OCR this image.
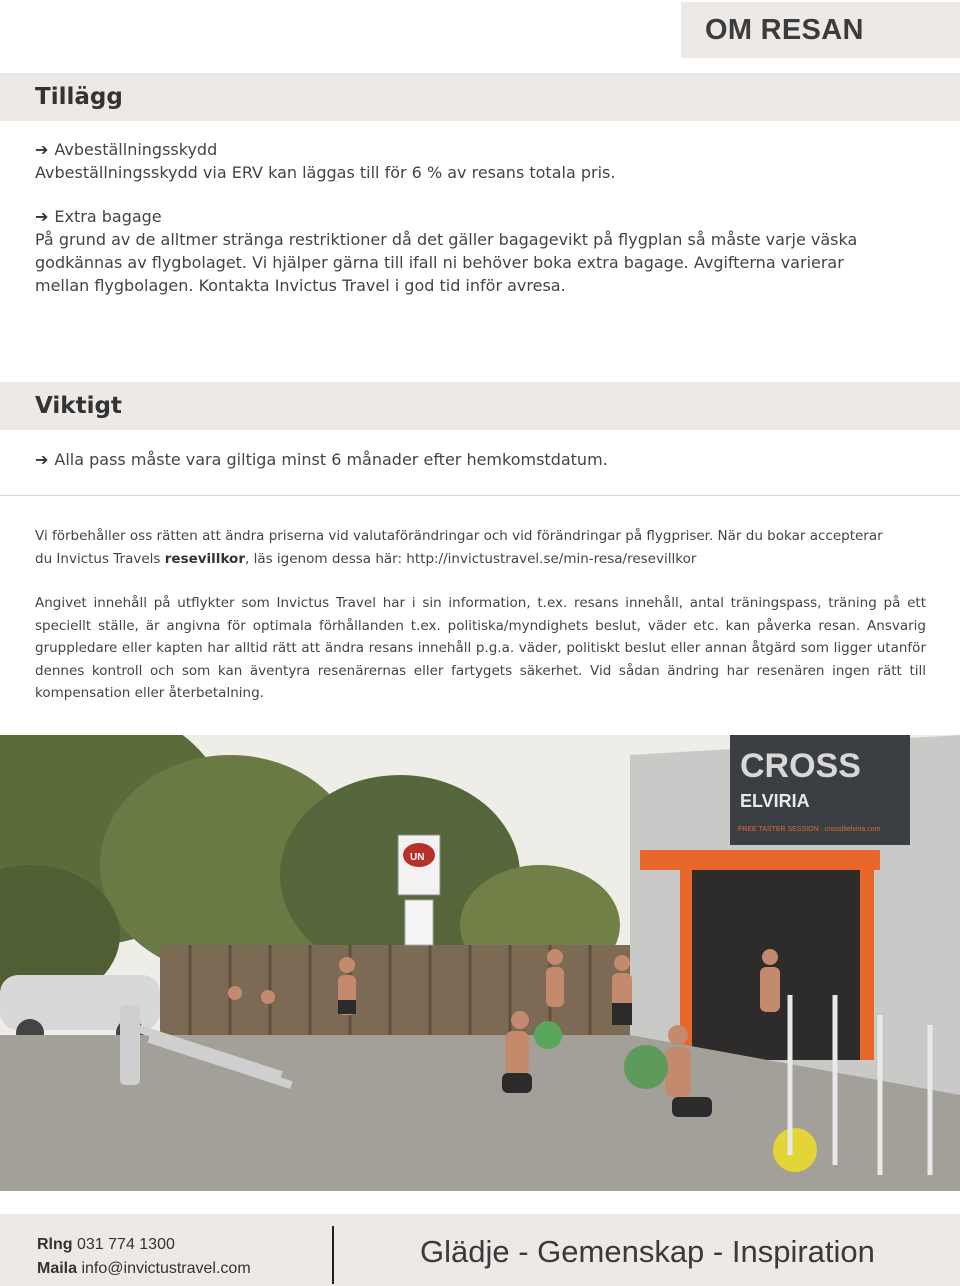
OM RESAN
Tillägg
➔ Avbeställningsskydd
Avbeställningsskydd via ERV kan läggas till för 6 % av resans totala pris.
➔ Extra bagage
På grund av de alltmer stränga restriktioner då det gäller bagagevikt på flygplan så måste varje väska
godkännas av flygbolaget. Vi hjälper gärna till ifall ni behöver boka extra bagage. Avgifterna varierar
mellan flygbolagen. Kontakta Invictus Travel i god tid inför avresa.
Viktigt
➔ Alla pass måste vara giltiga minst 6 månader efter hemkomstdatum.
Vi förbehåller oss rätten att ändra priserna vid valutaförändringar och vid förändringar på flygpriser. När du bokar accepterar
du Invictus Travels resevillkor, läs igenom dessa här: http://invictustravel.se/min-resa/resevillkor
Angivet innehåll på utflykter som Invictus Travel har i sin information, t.ex. resans innehåll, antal träningspass, träning på ett speciellt ställe, är angivna för optimala förhållanden t.ex. politiska/myndighets beslut, väder etc. kan påverka resan. Ansvarig gruppledare eller kapten har alltid rätt att ändra resans innehåll p.g.a. väder, politiskt beslut eller annan åtgärd som ligger utanför dennes kontroll och som kan äventyra resenärernas eller fartygets säkerhet. Vid sådan ändring har resenären ingen rätt till kompensation eller återbetalning.
CROSS
ELVIRIA
FREE TASTER SESSION · crossfitelviria.com
UN
Rlng 031 774 1300
Maila info@invictustravel.com	Glädje - Gemenskap - Inspiration
